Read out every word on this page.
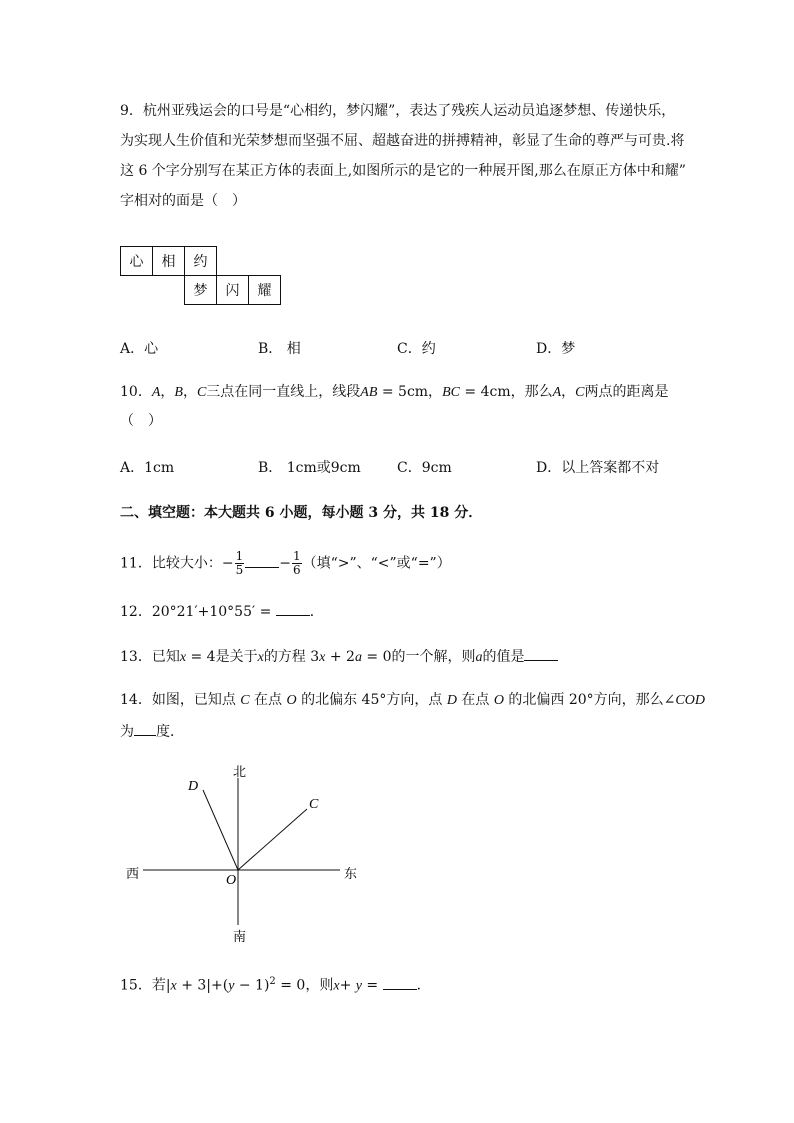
9．杭州亚残运会的口号是“心相约，梦闪耀”，表达了残疾人运动员追逐梦想、传递快乐，
为实现人生价值和光荣梦想而坚强不屈、超越奋进的拼搏精神，彰显了生命的尊严与可贵.将
这 6 个字分别写在某正方体的表面上,如图所示的是它的一种展开图,那么在原正方体中和耀”
字相对的面是（　）
心	相	约		
		梦	闪	耀
A．心	B． 相	C．约	D．梦
10．A，B，C三点在同一直线上，线段AB = 5cm，BC = 4cm，那么A，C两点的距离是
（　）
A．1cm	B． 1cm或9cm	C．9cm	D．以上答案都不对
二、填空题：本大题共 6 小题，每小题 3 分，共 18 分．
11．比较大小：− $\frac{1}{5}$	− $\frac{1}{6}$ （填“>”、“<”或“=”）
12．20°21′+10°55′ = ．
13．已知x = 4是关于x的方程 3x + 2a = 0的一个解，则a的值是
14．如图，已知点 C 在点 O 的北偏东 45°方向，点 D 在点 O 的北偏西 20°方向，那么∠COD
为 度．
北
南
东
西	O
C
D
15．若$|x + 3|+(y - 1)^2 = 0$，则x+ y = ．
